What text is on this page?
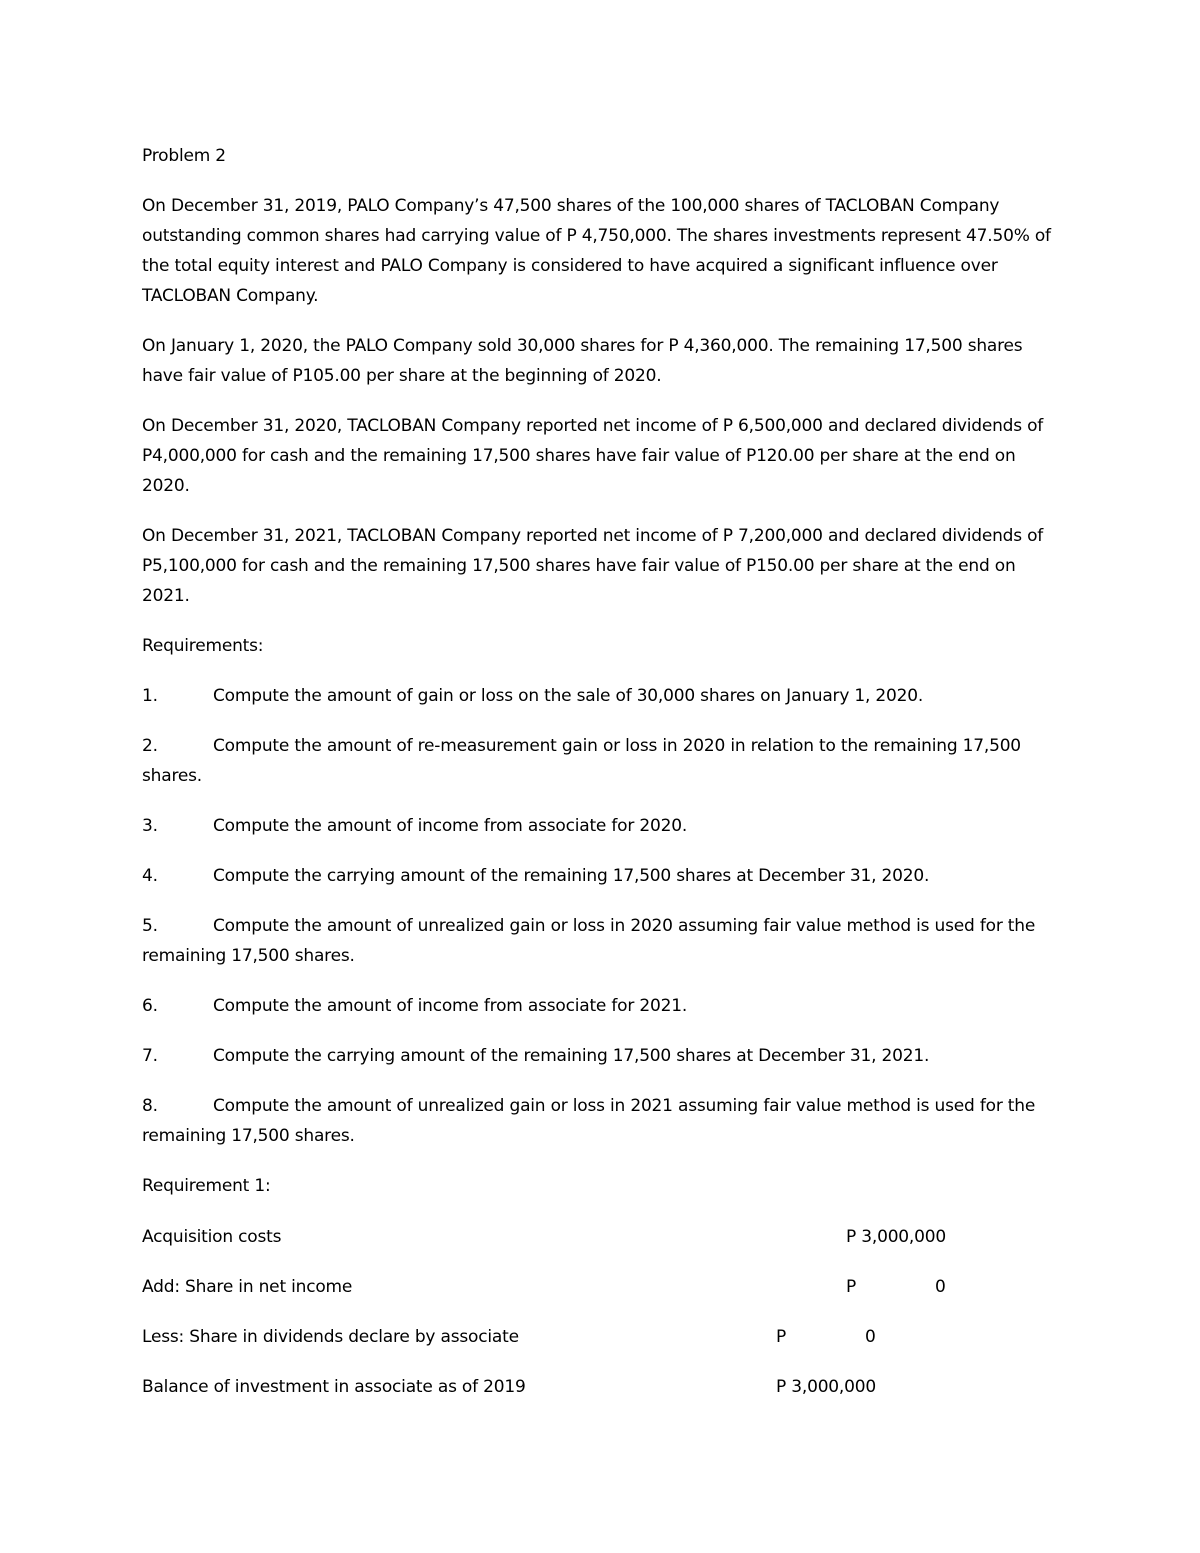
Problem 2

On December 31, 2019, PALO Company’s 47,500 shares of the 100,000 shares of TACLOBAN Company outstanding common shares had carrying value of P 4,750,000. The shares investments represent 47.50% of the total equity interest and PALO Company is considered to have acquired a significant influence over TACLOBAN Company.

On January 1, 2020, the PALO Company sold 30,000 shares for P 4,360,000. The remaining 17,500 shares have fair value of P105.00 per share at the beginning of 2020.

On December 31, 2020, TACLOBAN Company reported net income of P 6,500,000 and declared dividends of P4,000,000 for cash and the remaining 17,500 shares have fair value of P120.00 per share at the end on 2020.

On December 31, 2021, TACLOBAN Company reported net income of P 7,200,000 and declared dividends of P5,100,000 for cash and the remaining 17,500 shares have fair value of P150.00 per share at the end on 2021.

Requirements:

1.	Compute the amount of gain or loss on the sale of 30,000 shares on January 1, 2020.

2.	Compute the amount of re-measurement gain or loss in 2020 in relation to the remaining 17,500 shares.

3.	Compute the amount of income from associate for 2020.

4.	Compute the carrying amount of the remaining 17,500 shares at December 31, 2020.

5.	Compute the amount of unrealized gain or loss in 2020 assuming fair value method is used for the remaining 17,500 shares.

6.	Compute the amount of income from associate for 2021.

7.	Compute the carrying amount of the remaining 17,500 shares at December 31, 2021.

8.	Compute the amount of unrealized gain or loss in 2021 assuming fair value method is used for the remaining 17,500 shares.

Requirement 1:

Acquisition costs	P 3,000,000
Add: Share in net income	P	0
Less: Share in dividends declare by associate	P	0
Balance of investment in associate as of 2019	P 3,000,000
